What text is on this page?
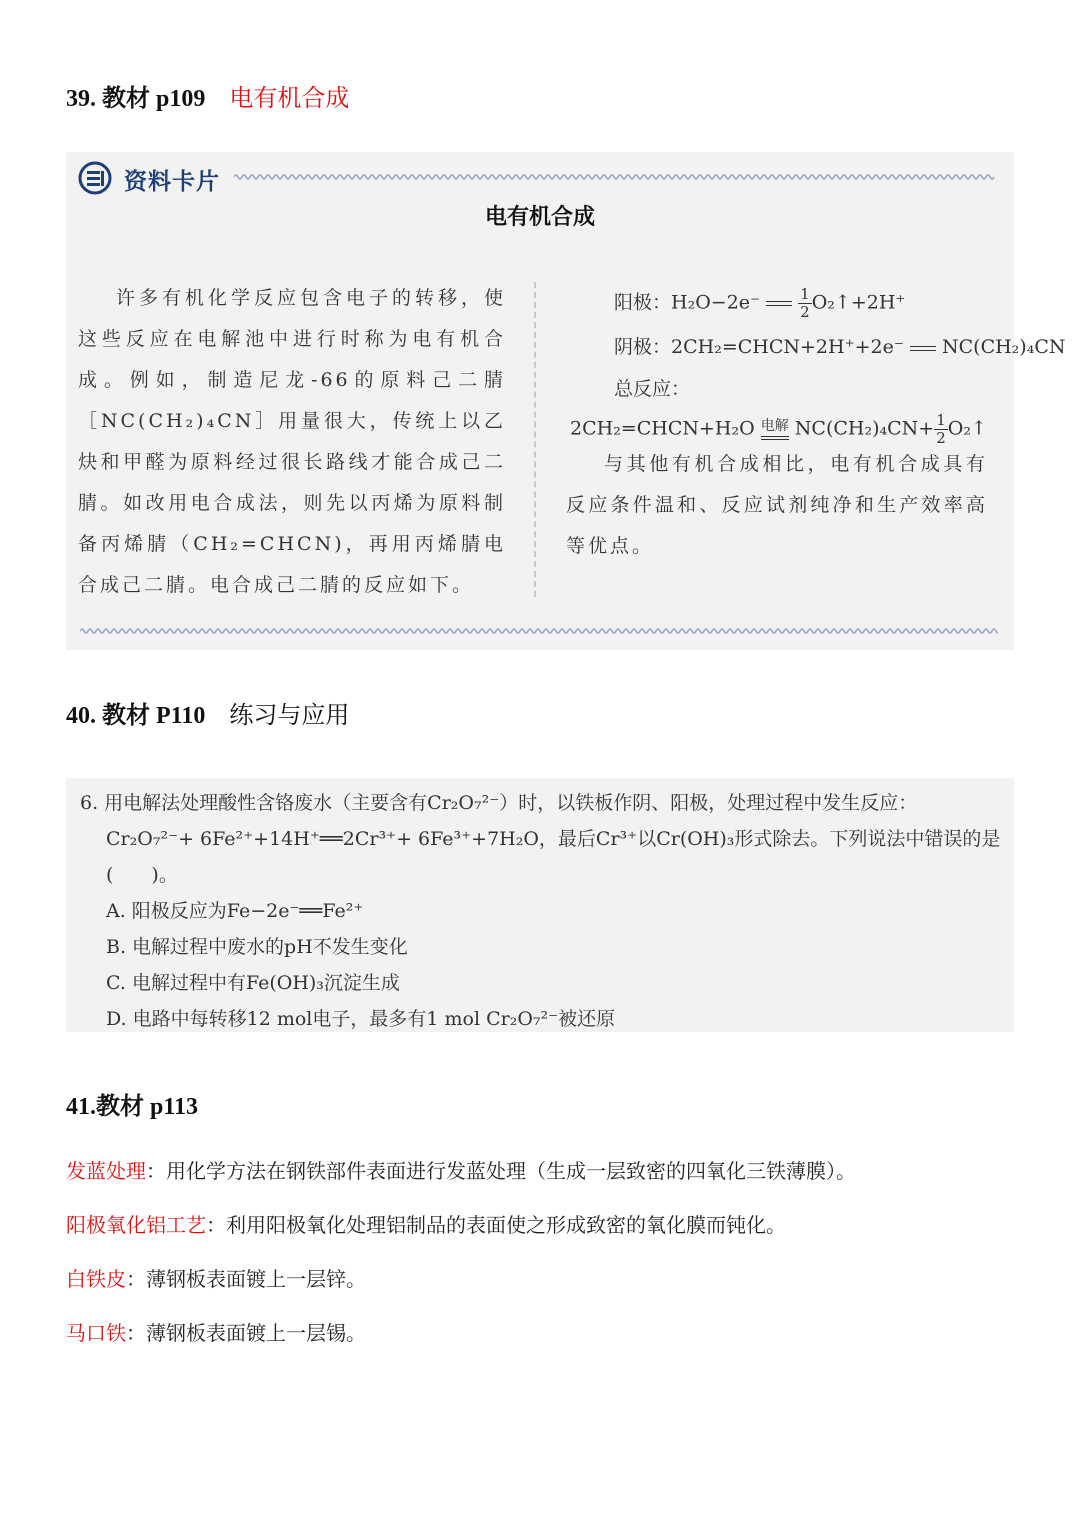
39. 教材 p109 电有机合成
资料卡片
电有机合成

许多有机化学反应包含电子的转移，使这些反应在电解池中进行时称为电有机合成。例如，制造尼龙-66的原料己二腈［NC(CH₂)₄CN］用量很大，传统上以乙炔和甲醛为原料经过很长路线才能合成己二腈。如改用电合成法，则先以丙烯为原料制备丙烯腈（CH₂=CHCN)，再用丙烯腈电合成己二腈。电合成己二腈的反应如下。

阳极：H₂O−2e⁻
	$\frac{1}{2}$ O₂↑+2H⁺
阴极：2CH₂=CHCN+2H⁺+2e⁻ NC(CH₂)₄CN
总反应：
2CH₂=CHCN+H₂O 电解 $NC(CH_2)_4CN+ \frac{1}{2}$ O₂↑
与其他有机合成相比，电有机合成具有反应条件温和、反应试剂纯净和生产效率高等优点。
40. 教材 P110 练习与应用
6. 用电解法处理酸性含铬废水（主要含有Cr₂O₇²⁻）时，以铁板作阴、阳极，处理过程中发生反应：
Cr₂O₇²⁻+ 6Fe²⁺+14H⁺══2Cr³⁺+ 6Fe³⁺+7H₂O，最后Cr³⁺以Cr(OH)₃形式除去。下列说法中错误的是
(　　)。
A. 阳极反应为Fe−2e⁻══Fe²⁺
B. 电解过程中废水的pH不发生变化
C. 电解过程中有Fe(OH)₃沉淀生成
D. 电路中每转移12 mol电子，最多有1 mol Cr₂O₇²⁻被还原
41.教材 p113
发蓝处理：用化学方法在钢铁部件表面进行发蓝处理（生成一层致密的四氧化三铁薄膜）。
阳极氧化铝工艺：利用阳极氧化处理铝制品的表面使之形成致密的氧化膜而钝化。
白铁皮：薄钢板表面镀上一层锌。
马口铁：薄钢板表面镀上一层锡。
